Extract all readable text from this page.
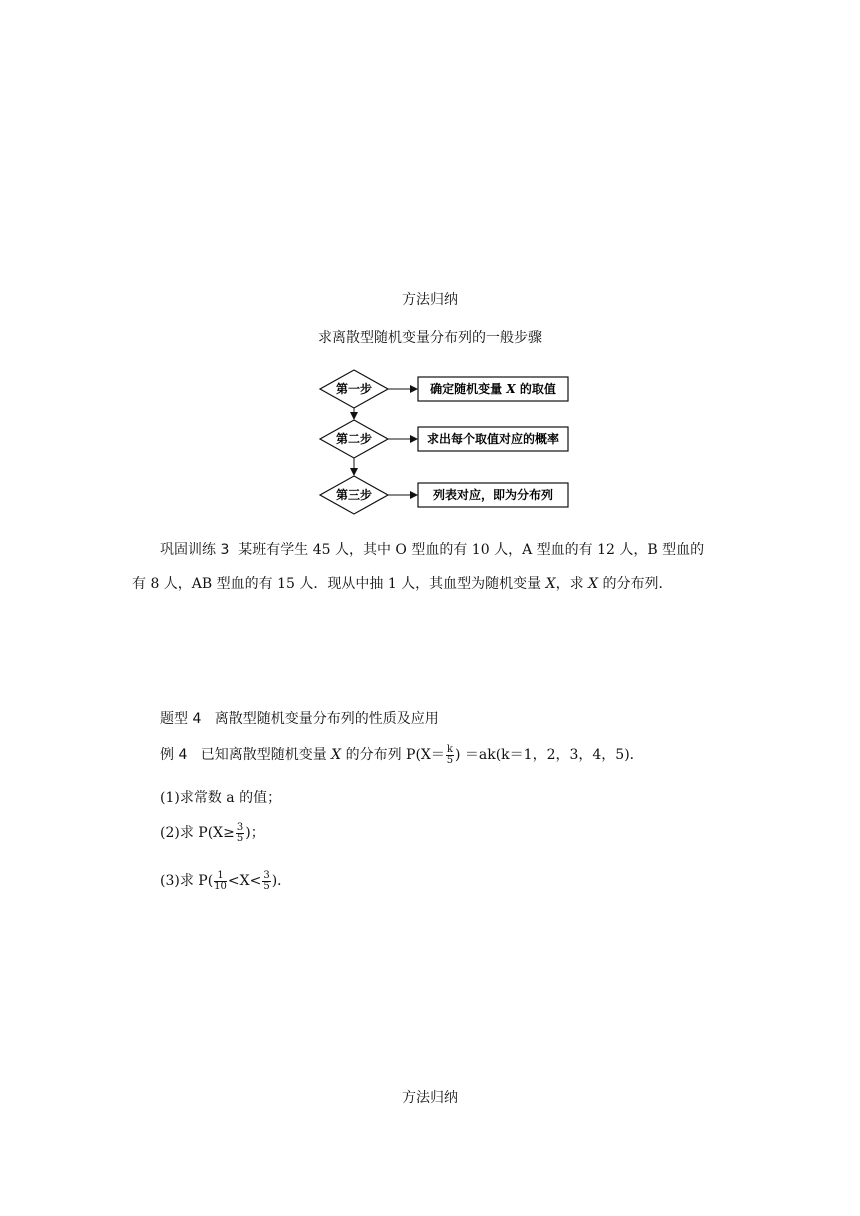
方法归纳
求离散型随机变量分布列的一般步骤
第一步
第二步
第三步
确定随机变量 X 的取值
求出每个取值对应的概率
列表对应，即为分布列
巩固训练 3 某班有学生 45 人，其中 O 型血的有 10 人，A 型血的有 12 人，B 型血的
有 8 人，AB 型血的有 15 人．现从中抽 1 人，其血型为随机变量 X，求 X 的分布列．
题型 4 离散型随机变量分布列的性质及应用
例 4 已知离散型随机变量 X 的分布列 $P(X= \frac{k}{5}$ ) ＝ak(k＝1，2，3，4，5)．
(1)求常数 a 的值；
(2)求 $P(X\ge \frac{3}{5}$ )；
(3)求 $P( \frac{1}{10} <X< \frac{3}{5}$ )．
方法归纳
